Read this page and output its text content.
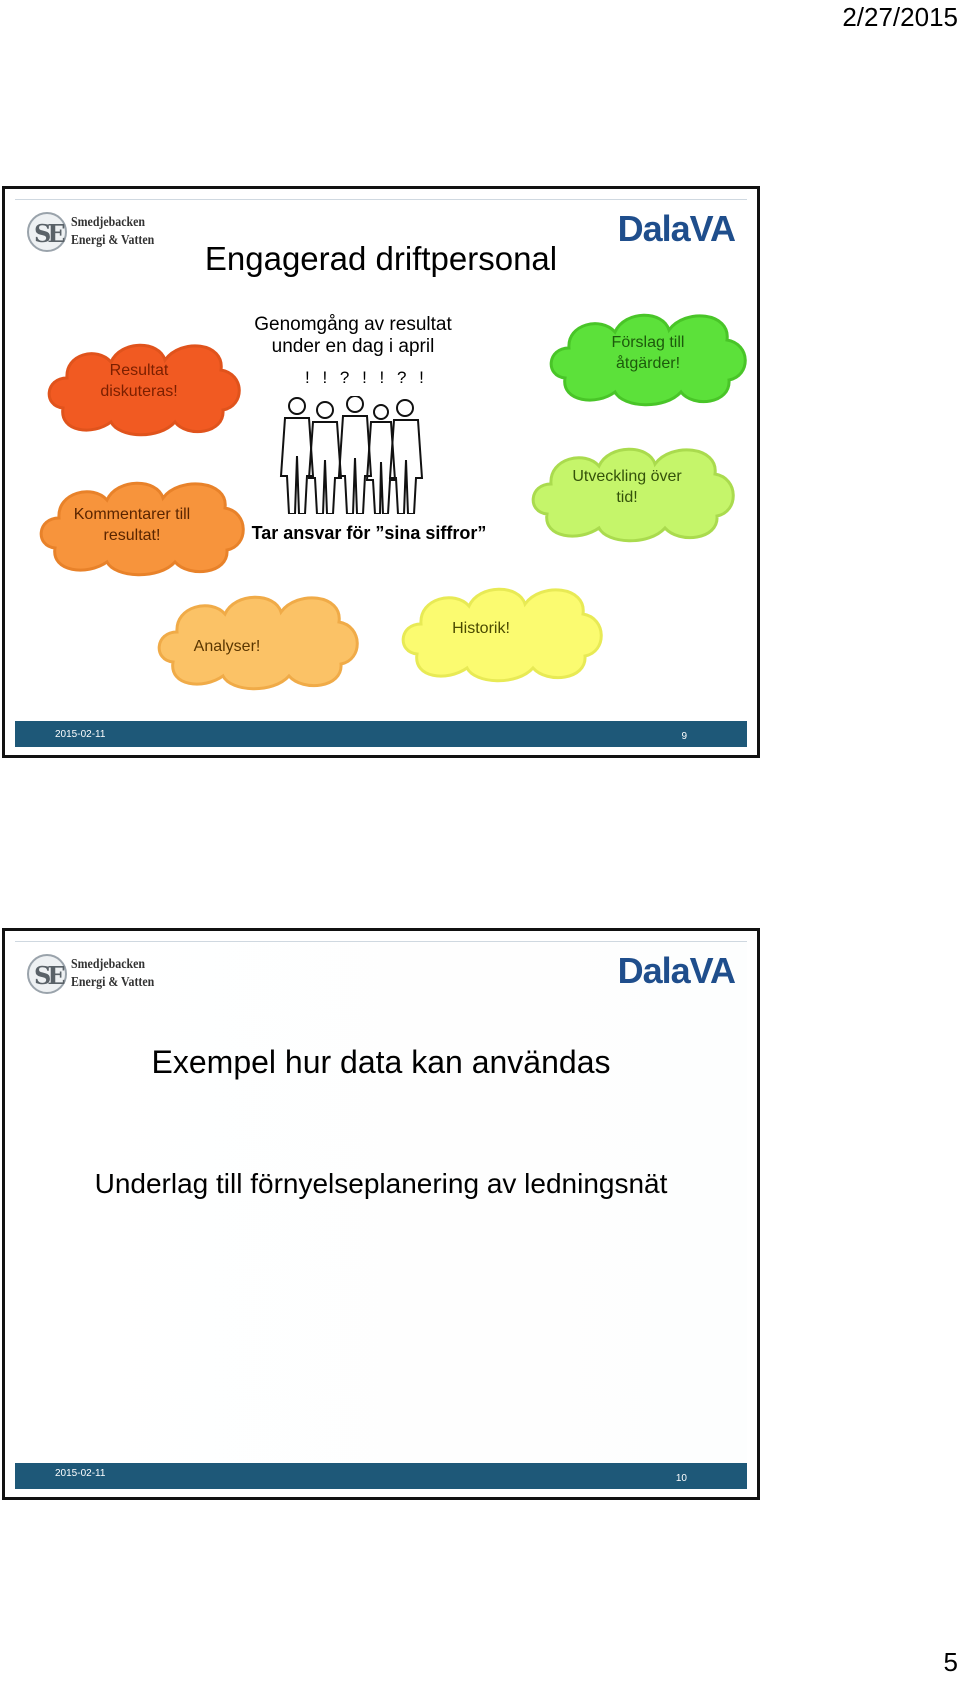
2/27/2015
SE Smedjebacken
Energi & Vatten	DalaVA
Engagerad driftpersonal
Resultat diskuteras!
Genomgång av resultat under en dag i april
! ! ? ! ! ? !
Tar ansvar för ”sina siffror”
Förslag till åtgärder!
Kommentarer till resultat!
Utveckling över tid!
Analyser!
Historik!
2015-02-11	9
SE Smedjebacken
Energi & Vatten	DalaVA
Exempel hur data kan användas
Underlag till förnyelseplanering av ledningsnät
2015-02-11	10
5
